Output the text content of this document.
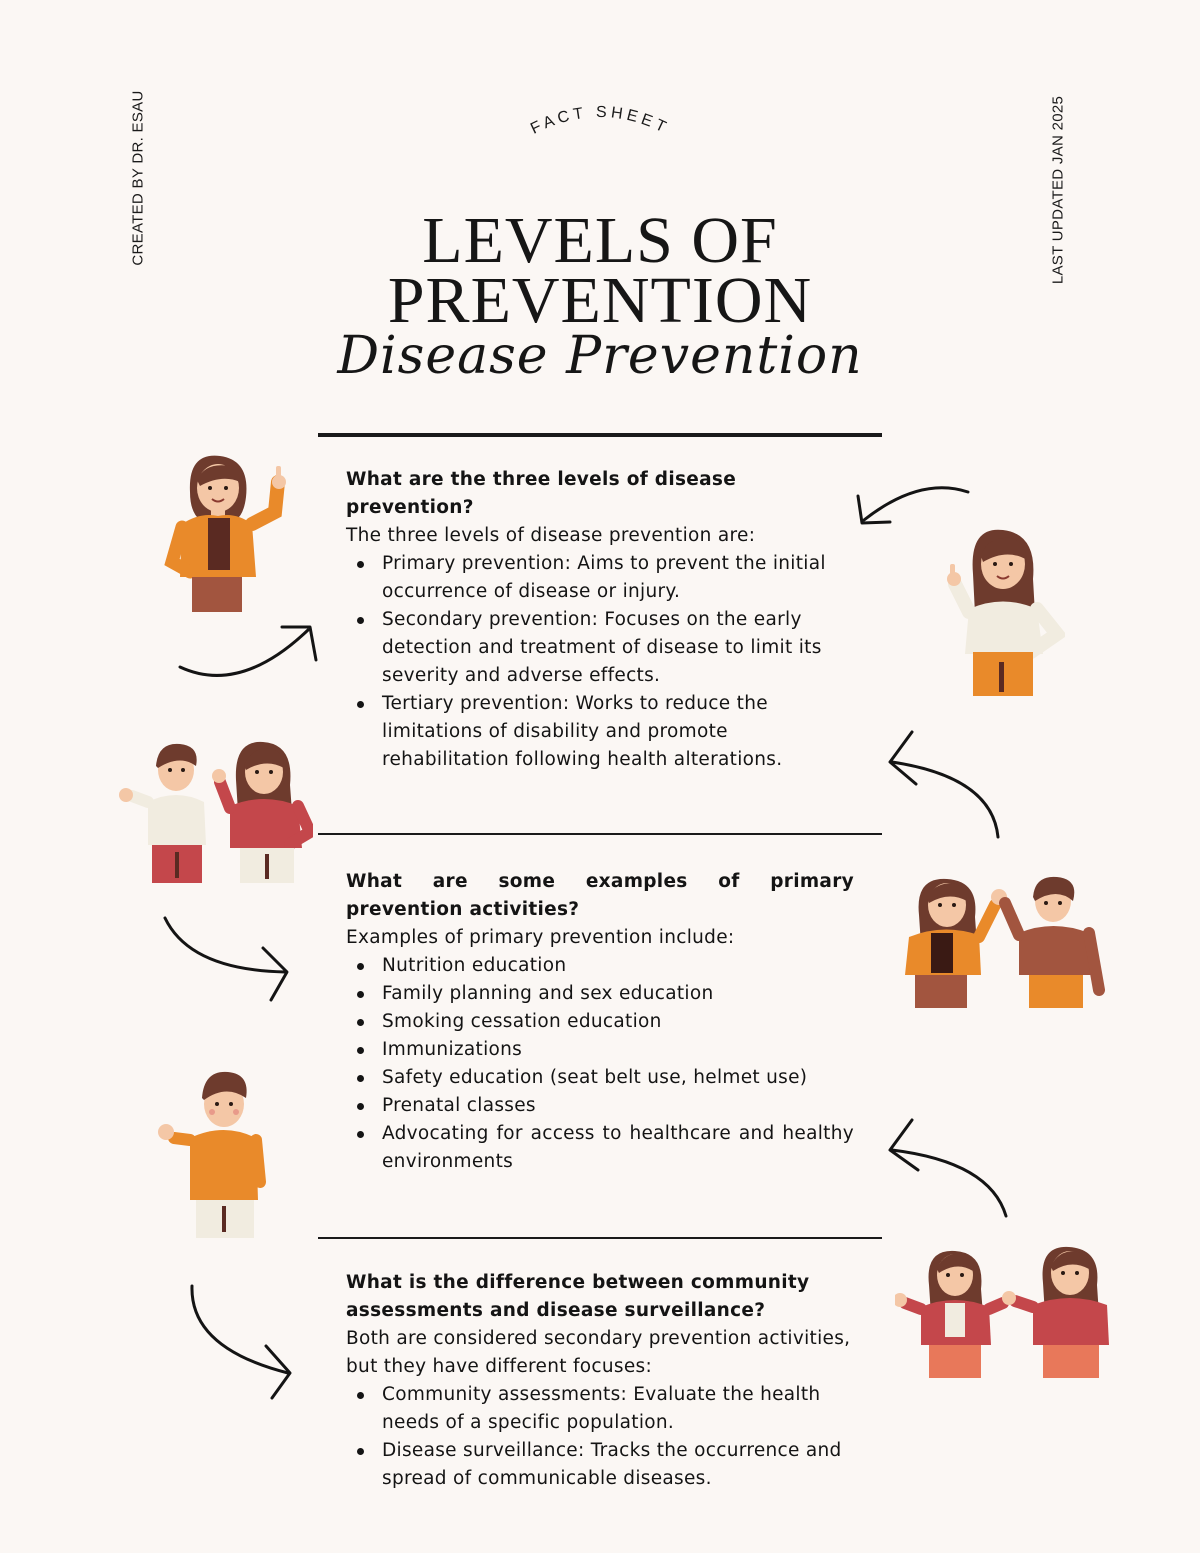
CREATED BY DR. ESAU	LAST UPDATED JAN 2025
FACT SHEET
LEVELS OF
PREVENTION
Disease Prevention
What are the three levels of disease prevention?

The three levels of disease prevention are:

Primary prevention: Aims to prevent the initial occurrence of disease or injury.
Secondary prevention: Focuses on the early detection and treatment of disease to limit its severity and adverse effects.
Tertiary prevention: Works to reduce the limitations of disability and promote rehabilitation following health alterations.
What are some examples of primary prevention activities?

Examples of primary prevention include:

Nutrition education
Family planning and sex education
Smoking cessation education
Immunizations
Safety education (seat belt use, helmet use)
Prenatal classes
Advocating for access to healthcare and healthy environments
What is the difference between community assessments and disease surveillance?

Both are considered secondary prevention activities, but they have different focuses:

Community assessments: Evaluate the health needs of a specific population.
Disease surveillance: Tracks the occurrence and spread of communicable diseases.
